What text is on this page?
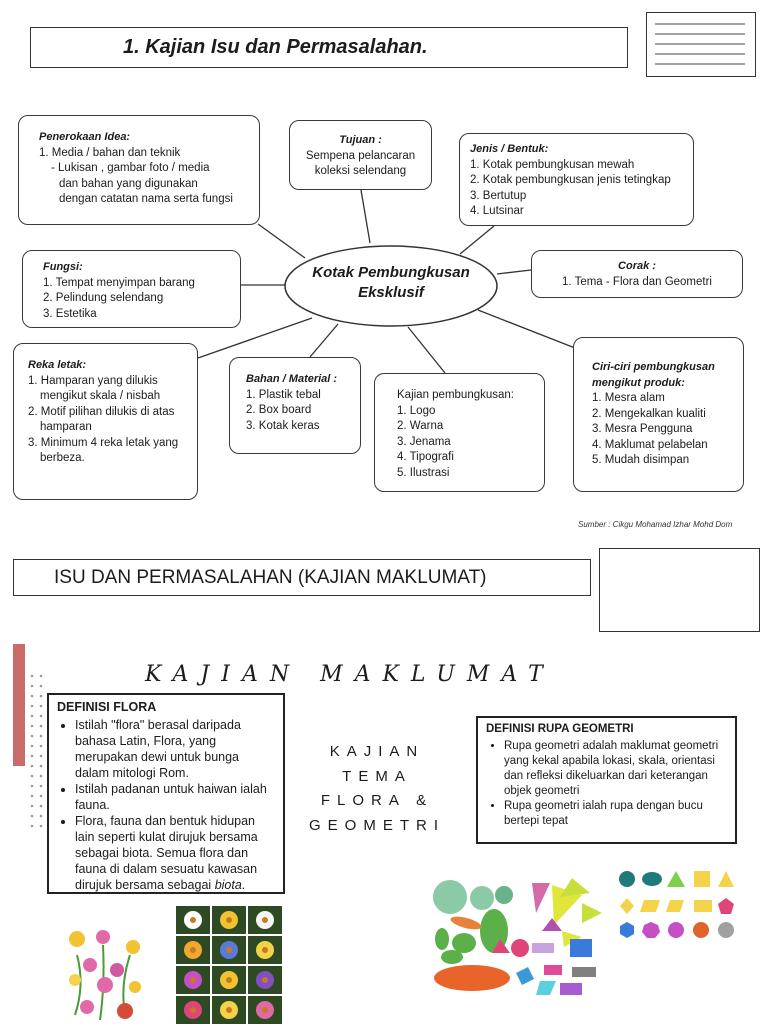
1. Kajian Isu dan Permasalahan.
Kotak Pembungkusan
Eksklusif
Penerokaan Idea:
1. Media / bahan dan teknik
- Lukisan , gambar foto / media
dan bahan yang digunakan
dengan catatan nama serta fungsi
Tujuan :
Sempena pelancaran
koleksi selendang
Jenis / Bentuk:
1. Kotak pembungkusan mewah
2. Kotak pembungkusan jenis tetingkap
3. Bertutup
4. Lutsinar
Fungsi:
1. Tempat menyimpan barang
2. Pelindung selendang
3. Estetika
Corak :
1. Tema - Flora dan Geometri
Reka letak:
1. Hamparan yang dilukis
mengikut skala / nisbah
2. Motif pilihan dilukis di atas
hamparan
3. Minimum 4 reka letak yang
berbeza.
Bahan / Material :
1. Plastik tebal
2. Box board
3. Kotak keras
Kajian pembungkusan:
1. Logo
2. Warna
3. Jenama
4. Tipografi
5. Ilustrasi
Ciri-ciri pembungkusan mengikut produk:
1. Mesra alam
2. Mengekalkan kualiti
3. Mesra Pengguna
4. Maklumat pelabelan
5. Mudah disimpan
Sumber : Cikgu Mohamad Izhar Mohd Dom
ISU DAN PERMASALAHAN (KAJIAN MAKLUMAT)
KAJIAN MAKLUMAT
DEFINISI FLORA
• Istilah "flora" berasal daripada bahasa Latin, Flora, yang merupakan dewi untuk bunga dalam mitologi Rom.
• Istilah padanan untuk haiwan ialah fauna.
• Flora, fauna dan bentuk hidupan lain seperti kulat dirujuk bersama sebagai biota. Semua flora dan fauna di dalam sesuatu kawasan dirujuk bersama sebagai biota.
KAJIAN
TEMA
FLORA &
GEOMETRI
DEFINISI RUPA GEOMETRI
• Rupa geometri adalah maklumat geometri yang kekal apabila lokasi, skala, orientasi dan refleksi dikeluarkan dari keterangan objek geometri
• Rupa geometri ialah rupa dengan bucu bertepi tepat
